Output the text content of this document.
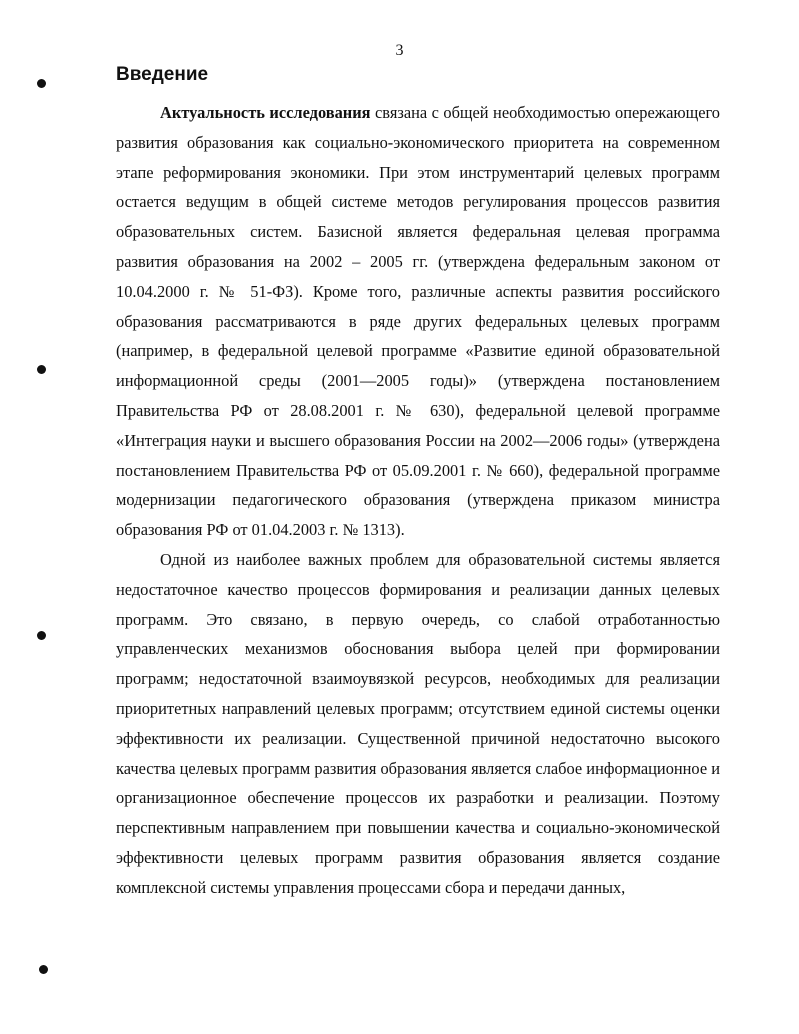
3
Введение

Актуальность исследования связана с общей необходимостью опережающего развития образования как социально-экономического приоритета на современном этапе реформирования экономики. При этом инструментарий целевых программ остается ведущим в общей системе методов регулирования процессов развития образовательных систем. Базисной является федеральная целевая программа развития образования на 2002 – 2005 гг. (утверждена федеральным законом от 10.04.2000 г. № 51-ФЗ). Кроме того, различные аспекты развития российского образования рассматриваются в ряде других федеральных целевых программ (например, в федеральной целевой программе «Развитие единой образовательной информационной среды (2001—2005 годы)» (утверждена постановлением Правительства РФ от 28.08.2001 г. № 630), федеральной целевой программе «Интеграция науки и высшего образования России на 2002—2006 годы» (утверждена постановлением Правительства РФ от 05.09.2001 г. № 660), федеральной программе модернизации педагогического образования (утверждена приказом министра образования РФ от 01.04.2003 г. № 1313).

Одной из наиболее важных проблем для образовательной системы является недостаточное качество процессов формирования и реализации данных целевых программ. Это связано, в первую очередь, со слабой отработанностью управленческих механизмов обоснования выбора целей при формировании программ; недостаточной взаимоувязкой ресурсов, необходимых для реализации приоритетных направлений целевых программ; отсутствием единой системы оценки эффективности их реализации. Существенной причиной недостаточно высокого качества целевых программ развития образования является слабое информационное и организационное обеспечение процессов их разработки и реализации. Поэтому перспективным направлением при повышении качества и социально-экономической эффективности целевых программ развития образования является создание комплексной системы управления процессами сбора и передачи данных,
